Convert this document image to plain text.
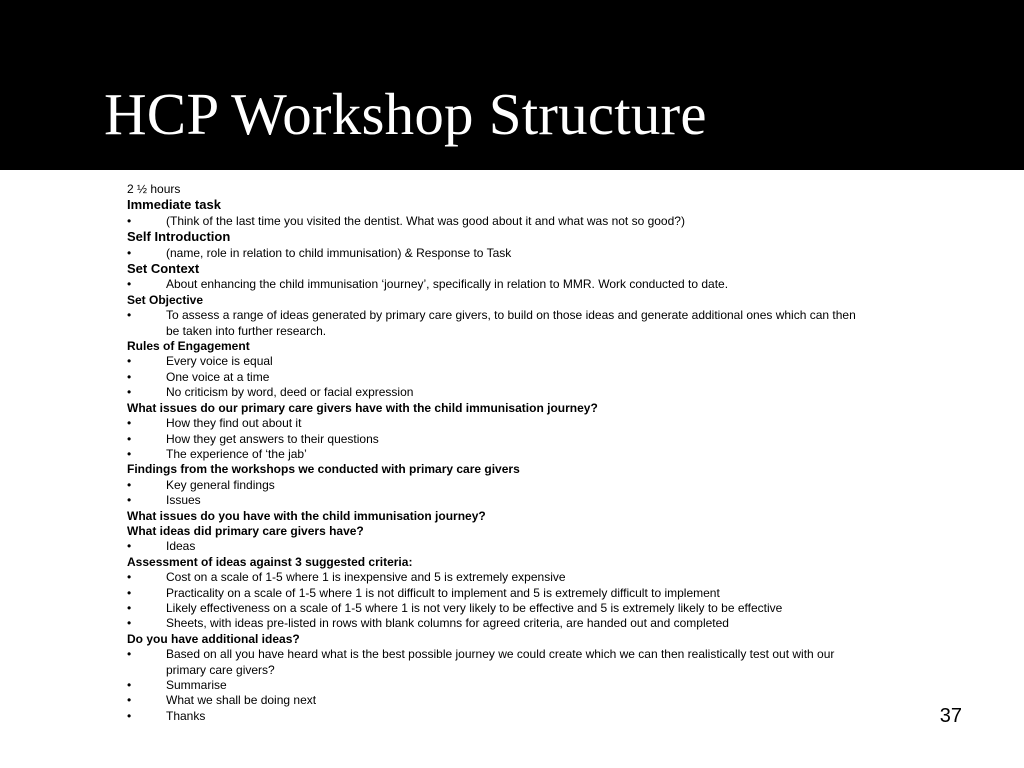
HCP Workshop Structure
2 ½ hours
Immediate task
•	(Think of the last time you visited the dentist. What was good about it and what was not so good?)
Self Introduction
•	(name, role in relation to child immunisation) & Response to Task
Set Context
•	About enhancing the child immunisation ‘journey’, specifically in relation to MMR. Work conducted to date.
Set Objective
•	To assess a range of ideas generated by primary care givers, to build on those ideas and generate additional ones which can then be taken into further research.
Rules of Engagement
•	Every voice is equal
•	One voice at a time
•	No criticism by word, deed or facial expression
What issues do our primary care givers have with the child immunisation journey?
•	How they find out about it
•	How they get answers to their questions
•	The experience of ‘the jab’
Findings from the workshops we conducted with primary care givers
•	Key general findings
•	Issues
What issues do you have with the child immunisation journey?
What ideas did primary care givers have?
•	Ideas
Assessment of ideas against 3 suggested criteria:
•	Cost on a scale of 1-5 where 1 is inexpensive and 5 is extremely expensive
•	Practicality on a scale of 1-5 where 1 is not difficult to implement and 5 is extremely difficult to implement
•	Likely effectiveness on a scale of 1-5 where 1 is not very likely to be effective and 5 is extremely likely to be effective
•	Sheets, with ideas pre-listed in rows with blank columns for agreed criteria, are handed out and completed
Do you have additional ideas?
•	Based on all you have heard what is the best possible journey we could create which we can then realistically test out with our primary care givers?
•	Summarise
•	What we shall be doing next
•	Thanks	37
